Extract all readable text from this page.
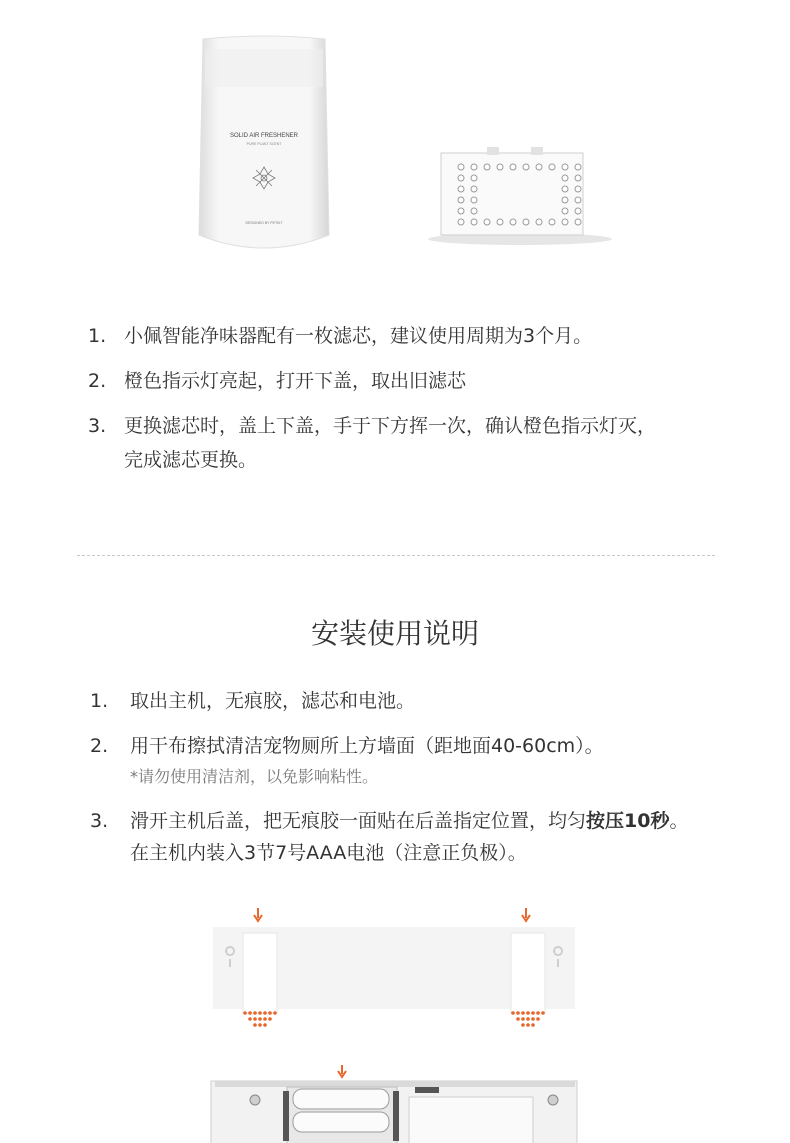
SOLID AIR FRESHENER
PURE PLANT SCENT
DESIGNED BY PETKIT
1. 小佩智能净味器配有一枚滤芯，建议使用周期为3个月。
2. 橙色指示灯亮起，打开下盖，取出旧滤芯
3. 更换滤芯时，盖上下盖，手于下方挥一次，确认橙色指示灯灭，
完成滤芯更换。
安装使用说明
1. 取出主机，无痕胶，滤芯和电池。
2. 用干布擦拭清洁宠物厕所上方墙面（距地面40-60cm）。
*请勿使用清洁剂，以免影响粘性。
3. 滑开主机后盖，把无痕胶一面贴在后盖指定位置，均匀按压10秒。
在主机内装入3节7号AAA电池（注意正负极）。
